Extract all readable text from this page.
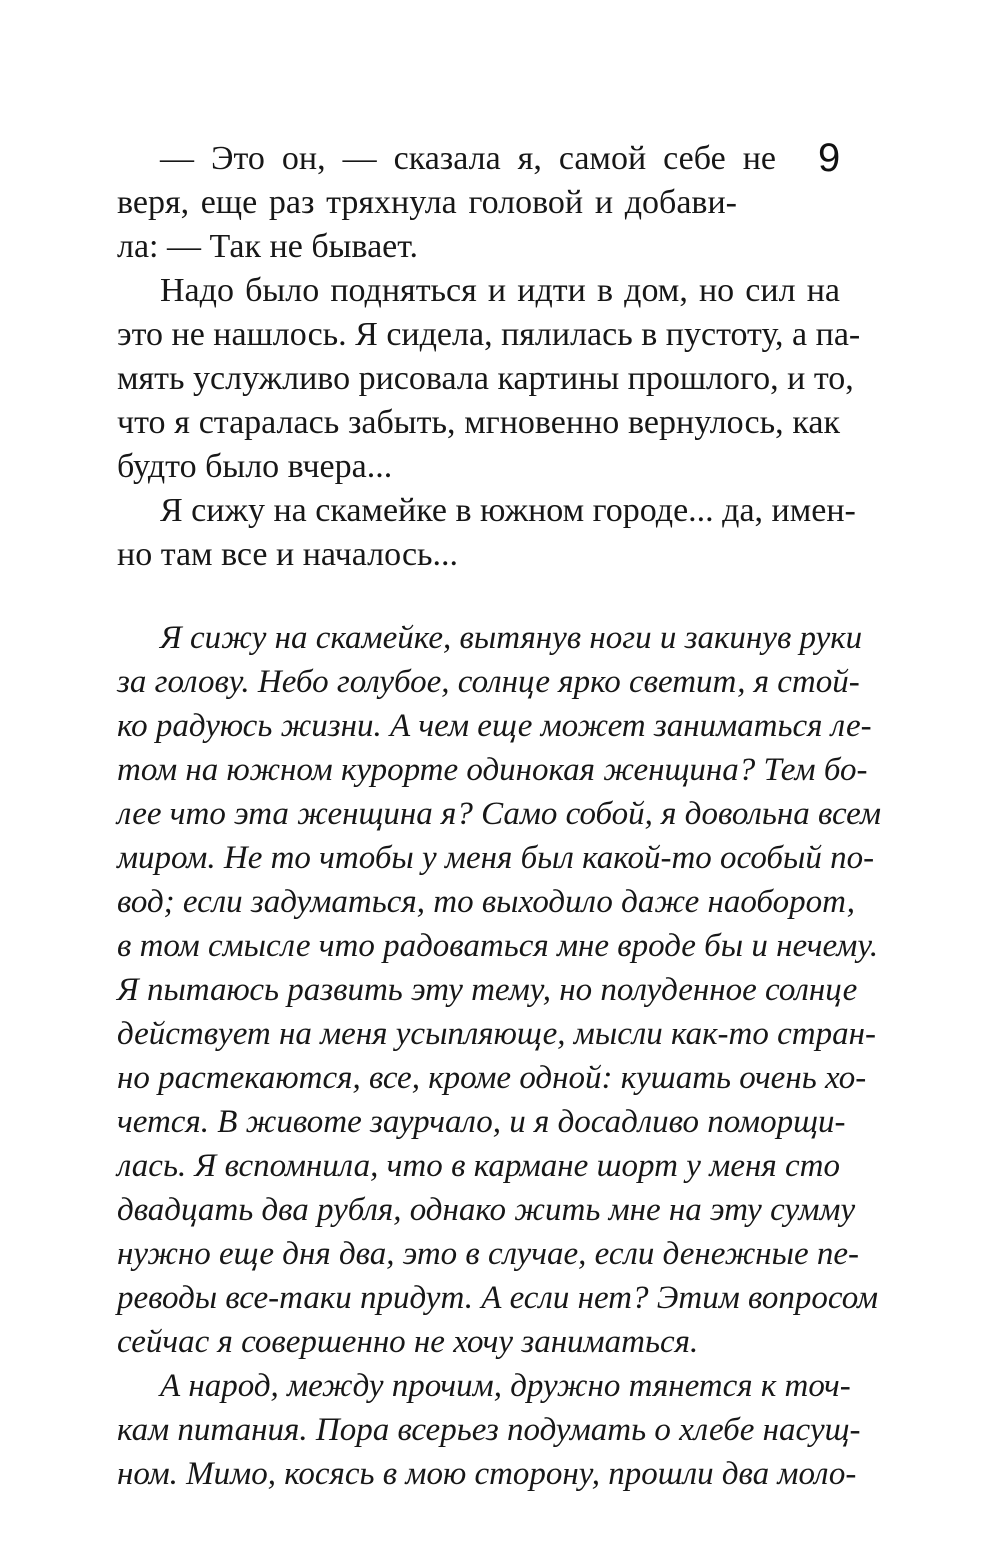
9
— Это он, — сказала я, самой себе не
веря, еще раз тряхнула головой и добави-
ла: — Так не бывает.
Надо было подняться и идти в дом, но сил на
это не нашлось. Я сидела, пялилась в пустоту, а па-
мять услужливо рисовала картины прошлого, и то,
что я старалась забыть, мгновенно вернулось, как
будто было вчера...
Я сижу на скамейке в южном городе... да, имен-
но там все и началось...
Я сижу на скамейке, вытянув ноги и закинув руки
за голову. Небо голубое, солнце ярко светит, я стой-
ко радуюсь жизни. А чем еще может заниматься ле-
том на южном курорте одинокая женщина? Тем бо-
лее что эта женщина я? Само собой, я довольна всем
миром. Не то чтобы у меня был какой-то особый по-
вод; если задуматься, то выходило даже наоборот,
в том смысле что радоваться мне вроде бы и нечему.
Я пытаюсь развить эту тему, но полуденное солнце
действует на меня усыпляюще, мысли как-то стран-
но растекаются, все, кроме одной: кушать очень хо-
чется. В животе заурчало, и я досадливо поморщи-
лась. Я вспомнила, что в кармане шорт у меня сто
двадцать два рубля, однако жить мне на эту сумму
нужно еще дня два, это в случае, если денежные пе-
реводы все-таки придут. А если нет? Этим вопросом
сейчас я совершенно не хочу заниматься.
А народ, между прочим, дружно тянется к точ-
кам питания. Пора всерьез подумать о хлебе насущ-
ном. Мимо, косясь в мою сторону, прошли два моло-
